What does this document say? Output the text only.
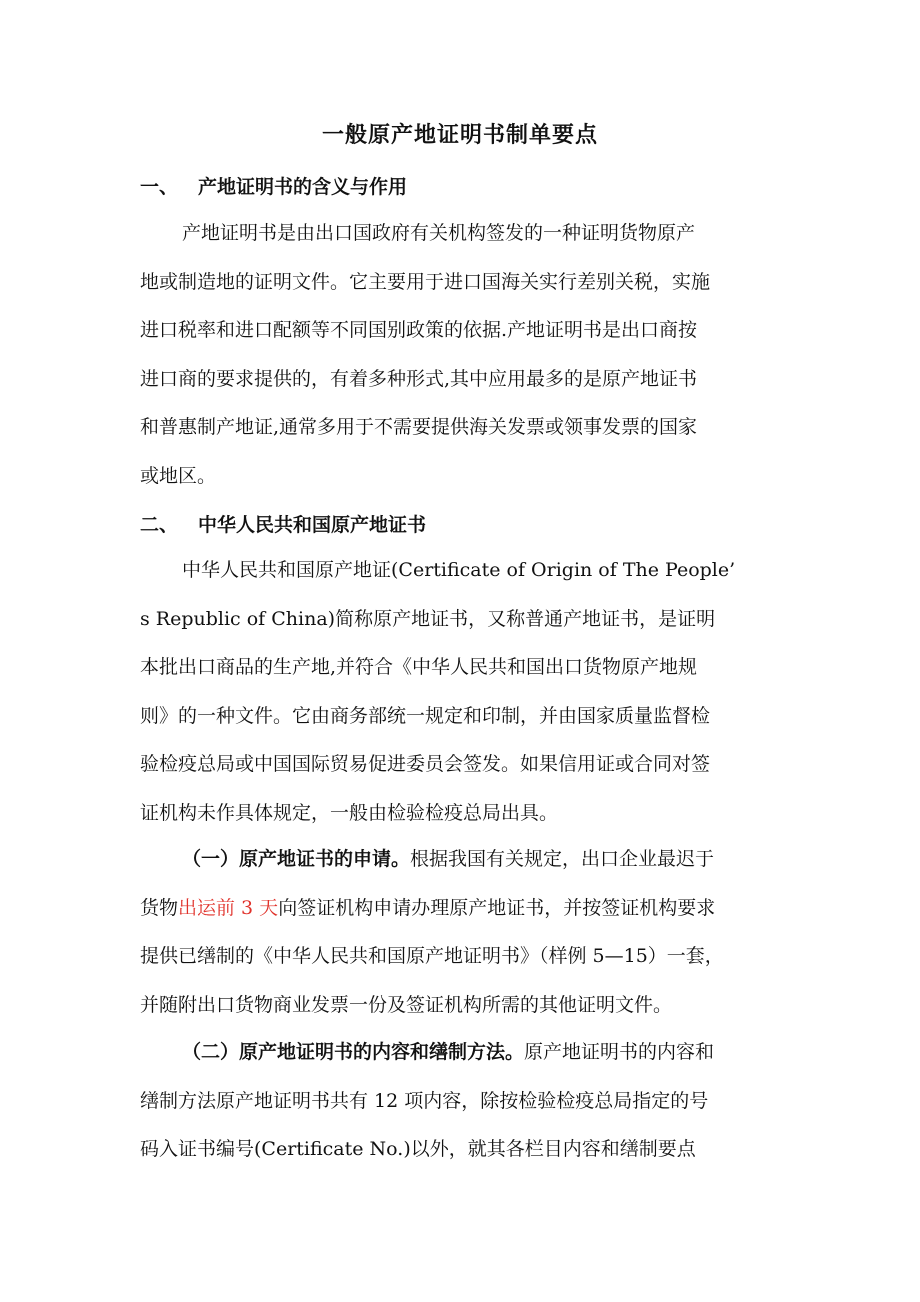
一般原产地证明书制单要点
一、 产地证明书的含义与作用

产地证明书是由出口国政府有关机构签发的一种证明货物原产

地或制造地的证明文件。它主要用于进口国海关实行差别关税，实施

进口税率和进口配额等不同国别政策的依据.产地证明书是出口商按

进口商的要求提供的，有着多种形式,其中应用最多的是原产地证书

和普惠制产地证,通常多用于不需要提供海关发票或领事发票的国家

或地区。

二、 中华人民共和国原产地证书

中华人民共和国原产地证(Certificate of Origin of The People’

s Republic of China)简称原产地证书，又称普通产地证书，是证明

本批出口商品的生产地,并符合《中华人民共和国出口货物原产地规

则》的一种文件。它由商务部统一规定和印制，并由国家质量监督检

验检疫总局或中国国际贸易促进委员会签发。如果信用证或合同对签

证机构未作具体规定，一般由检验检疫总局出具。

（一）原产地证书的申请。根据我国有关规定，出口企业最迟于

货物出运前 3 天向签证机构申请办理原产地证书，并按签证机构要求

提供已缮制的《中华人民共和国原产地证明书》（样例 5—15）一套，

并随附出口货物商业发票一份及签证机构所需的其他证明文件。

（二）原产地证明书的内容和缮制方法。原产地证明书的内容和

缮制方法原产地证明书共有 12 项内容，除按检验检疫总局指定的号

码入证书编号(Certificate No.)以外，就其各栏目内容和缮制要点
